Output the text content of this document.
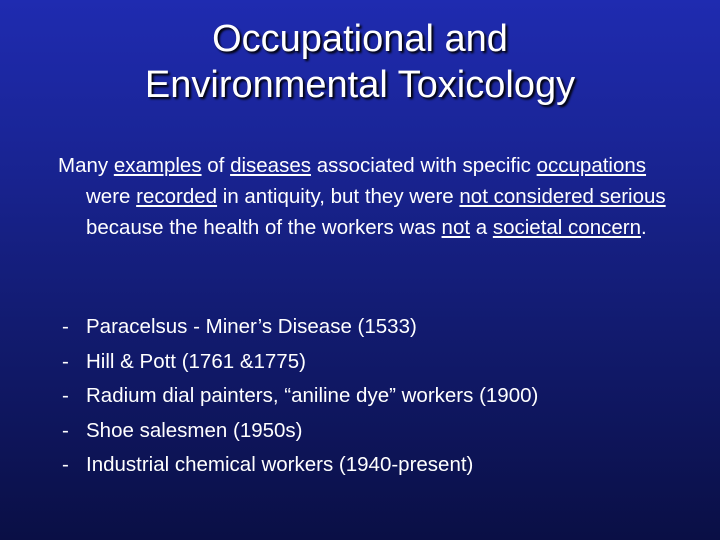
Occupational and
Environmental Toxicology

Many examples of diseases associated with specific occupations were recorded in antiquity, but they were not considered serious because the health of the workers was not a societal concern.

- Paracelsus - Miner’s Disease (1533)
- Hill & Pott (1761 &1775)
- Radium dial painters, “aniline dye” workers (1900)
- Shoe salesmen (1950s)
- Industrial chemical workers (1940-present)
